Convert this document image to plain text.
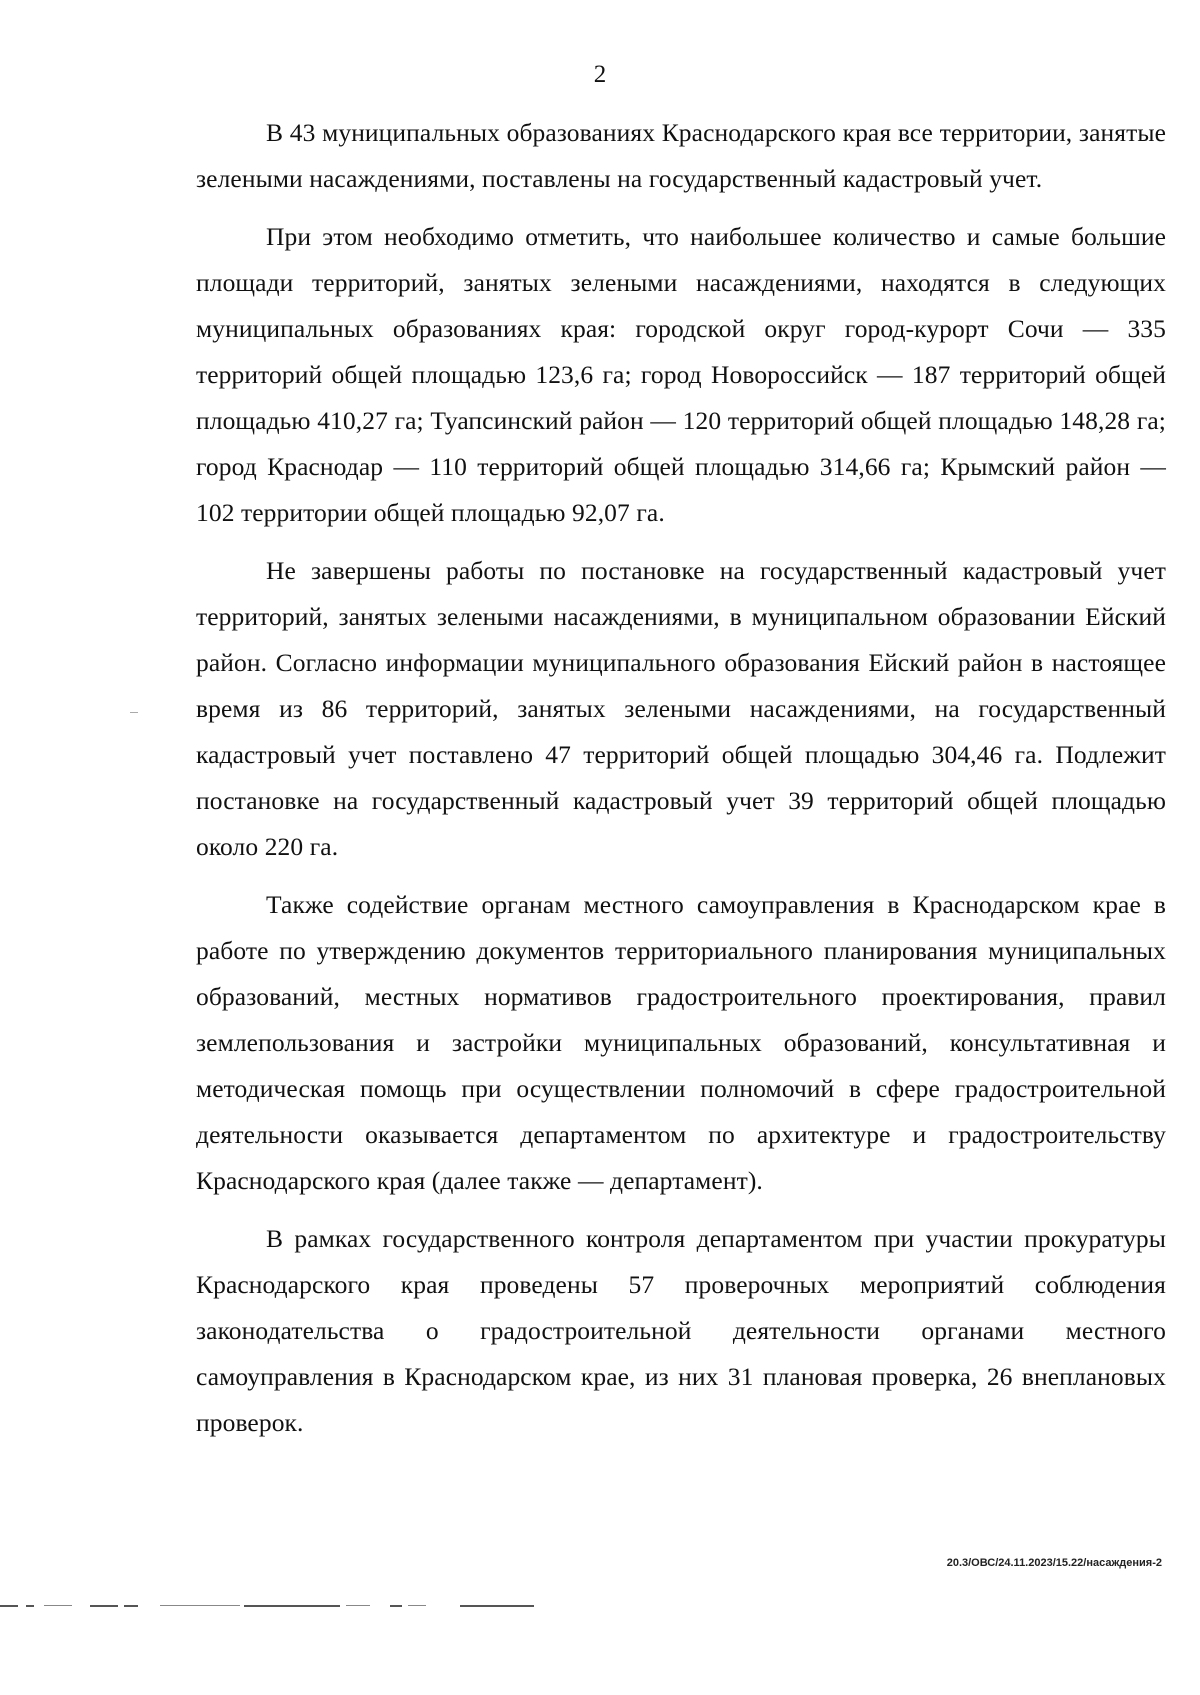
2

В 43 муниципальных образованиях Краснодарского края все территории, занятые зелеными насаждениями, поставлены на государственный кадастровый учет.

При этом необходимо отметить, что наибольшее количество и самые большие площади территорий, занятых зелеными насаждениями, находятся в следующих муниципальных образованиях края: городской округ город-курорт Сочи — 335 территорий общей площадью 123,6 га; город Новороссийск — 187 территорий общей площадью 410,27 га; Туапсинский район — 120 территорий общей площадью 148,28 га; город Краснодар — 110 территорий общей площадью 314,66 га; Крымский район — 102 территории общей площадью 92,07 га.

Не завершены работы по постановке на государственный кадастровый учет территорий, занятых зелеными насаждениями, в муниципальном образовании Ейский район. Согласно информации муниципального образования Ейский район в настоящее время из 86 территорий, занятых зелеными насаждениями, на государственный кадастровый учет поставлено 47 территорий общей площадью 304,46 га. Подлежит постановке на государственный кадастровый учет 39 территорий общей площадью около 220 га.

Также содействие органам местного самоуправления в Краснодарском крае в работе по утверждению документов территориального планирования муниципальных образований, местных нормативов градостроительного проектирования, правил землепользования и застройки муниципальных образований, консультативная и методическая помощь при осуществлении полномочий в сфере градостроительной деятельности оказывается департаментом по архитектуре и градостроительству Краснодарского края (далее также — департамент).

В рамках государственного контроля департаментом при участии прокуратуры Краснодарского края проведены 57 проверочных мероприятий соблюдения законодательства о градостроительной деятельности органами местного самоуправления в Краснодарском крае, из них 31 плановая проверка, 26 внеплановых проверок.

20.3/ОВС/24.11.2023/15.22/насаждения-2
